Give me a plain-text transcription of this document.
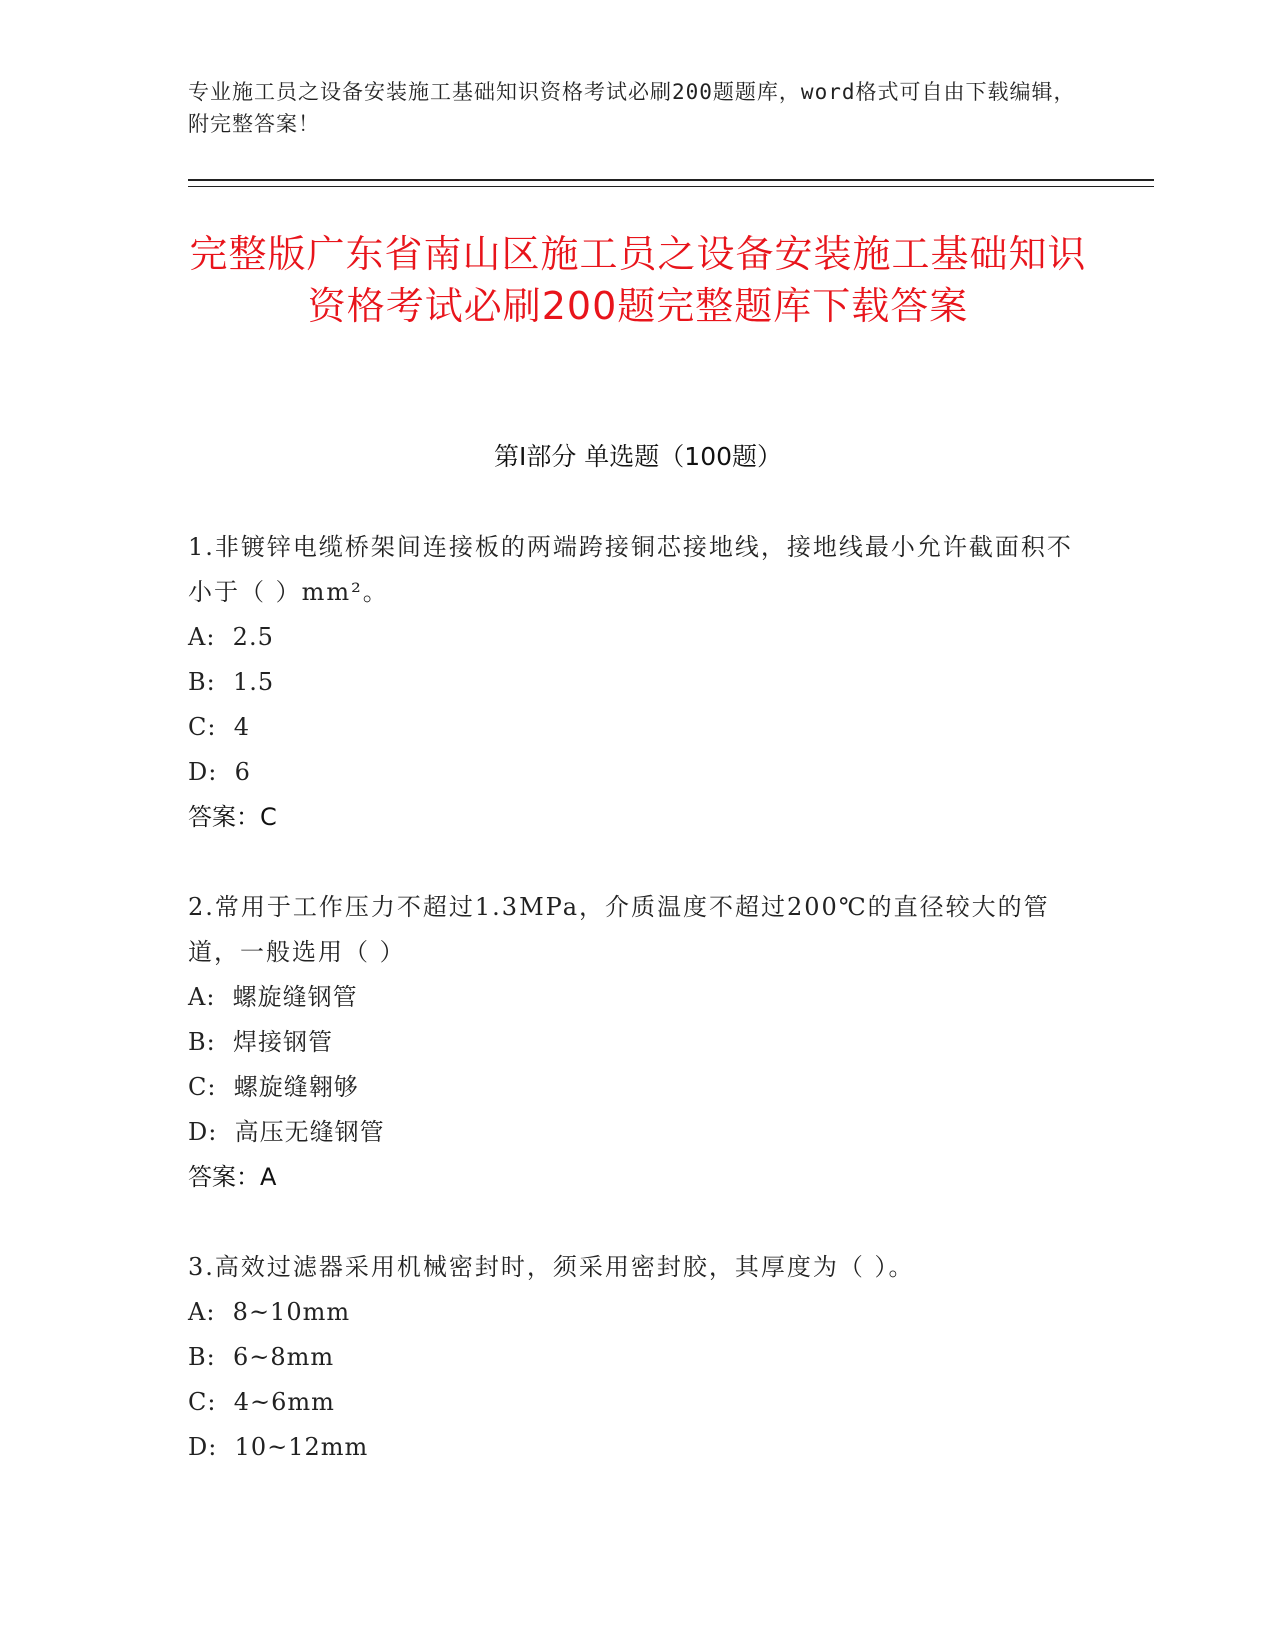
专业施工员之设备安装施工基础知识资格考试必刷200题题库，word格式可自由下载编辑，附完整答案！
完整版广东省南山区施工员之设备安装施工基础知识资格考试必刷200题完整题库下载答案
第Ⅰ部分 单选题（100题）

1.非镀锌电缆桥架间连接板的两端跨接铜芯接地线，接地线最小允许截面积不小于（ ）mm²。

A:  2.5

B:  1.5

C:  4

D:  6

答案：C

2.常用于工作压力不超过1.3MPa，介质温度不超过200℃的直径较大的管道，一般选用（ ）

A:  螺旋缝钢管

B:  焊接钢管

C:  螺旋缝翱够

D:  高压无缝钢管

答案：A

3.高效过滤器采用机械密封时，须采用密封胶，其厚度为（ ）。

A:  8~10mm

B:  6~8mm

C:  4~6mm

D:  10~12mm
